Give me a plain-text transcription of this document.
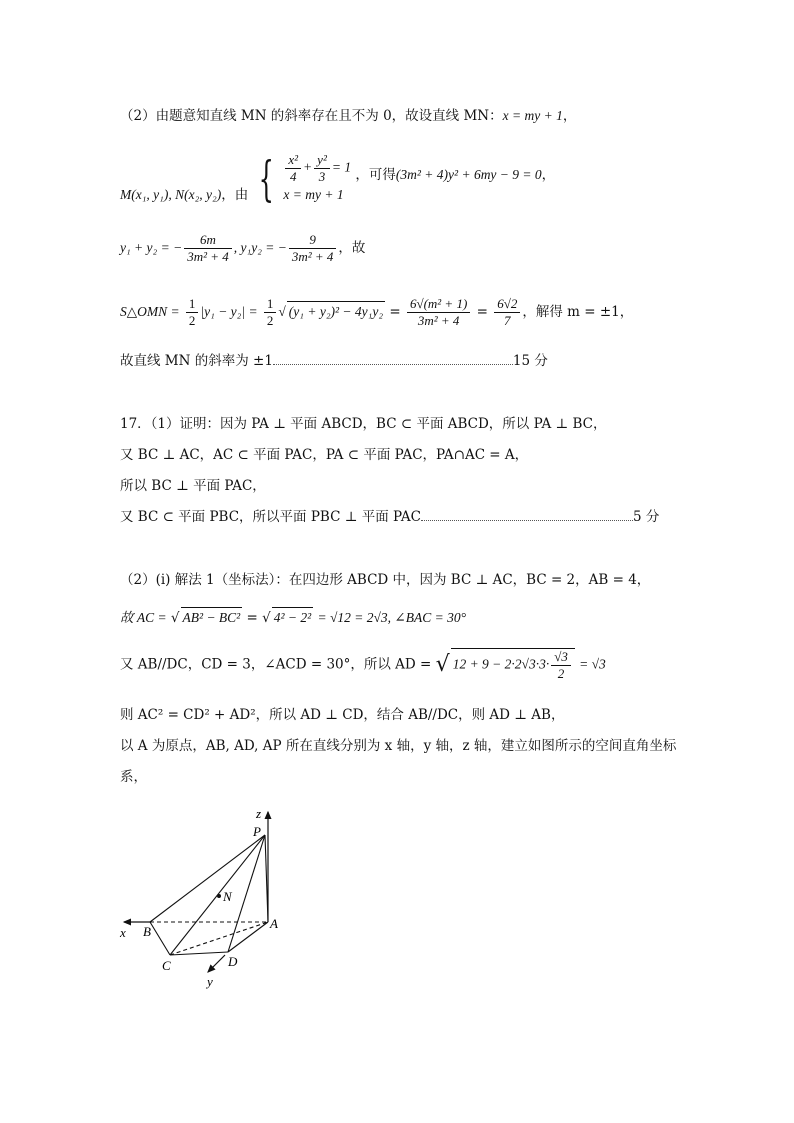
（2）由题意知直线 MN 的斜率存在且不为 0，故设直线 MN：x = my + 1，
M(x₁, y₁), N(x₂, y₂)，由 { $\frac{\text{x²}}{4} + \frac{\text{y²}}{3} = 1$
x = my + 1
，可得(3m² + 4)y² + 6my − 9 = 0，
y₁ + y₂ = − $\frac{6m}{\text{3m² + 4}}$ , y₁y₂ = − $\frac{9}{\text{3m² + 4}}$ ，故
S△OMN = $\frac{1}{2} |y_1 - y_2| = \frac{1}{2}$ √ $(y_1 + y_2)^2 - 4y_1y_2 = \frac{\text{6√(m² + 1)}}{\text{3m² + 4}} = \frac{6√2}{7}$ ，解得 m = ±1，
故直线 MN 的斜率为 ±1	15 分
17．（1）证明：因为 PA ⊥ 平面 ABCD，BC ⊂ 平面 ABCD，所以 PA ⊥ BC，
又 BC ⊥ AC，AC ⊂ 平面 PAC，PA ⊂ 平面 PAC，PA∩AC = A，
所以 BC ⊥ 平面 PAC，
又 BC ⊂ 平面 PBC，所以平面 PBC ⊥ 平面 PAC	5 分
（2）(i) 解法 1（坐标法）：在四边形 ABCD 中，因为 BC ⊥ AC，BC = 2，AB = 4，
故 AC = √ AB² − BC² = √ 4² − 2² = √12 = 2√3, ∠BAC = 30°
又 AB//DC，CD = 3，∠ACD = 30°，所以 AD = √ $12 + 9 - 2\cdot 2√3\cdot 3\cdot \frac{√3}{2} = √3$
则 AC² = CD² + AD²，所以 AD ⊥ CD，结合 AB//DC，则 AD ⊥ AB，
以 A 为原点，AB, AD, AP 所在直线分别为 x 轴，y 轴，z 轴，建立如图所示的空间直角坐标
系，
z
P
N
x B
A
C	D
y
